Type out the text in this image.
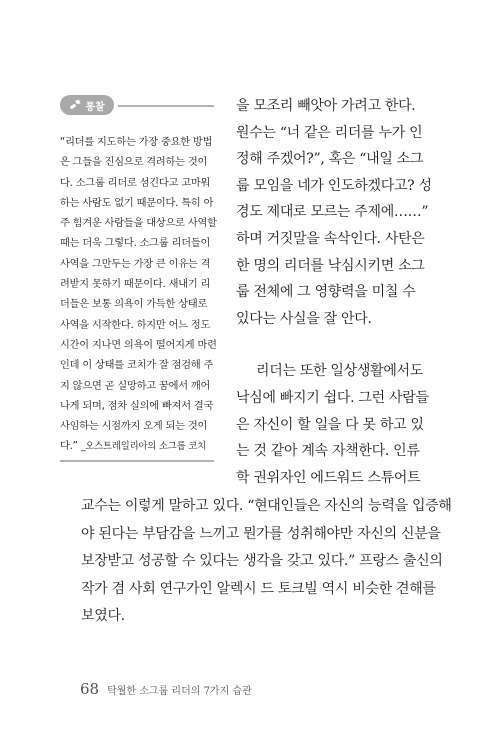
통찰
“리더를 지도하는 가장 중요한 방법
은 그들을 진심으로 격려하는 것이
다. 소그룹 리더로 섬긴다고 고마워
하는 사람도 없기 때문이다. 특히 아
주 힘겨운 사람들을 대상으로 사역할
때는 더욱 그렇다. 소그룹 리더들이
사역을 그만두는 가장 큰 이유는 격
려받지 못하기 때문이다. 새내기 리
더들은 보통 의욕이 가득한 상태로
사역을 시작한다. 하지만 어느 정도
시간이 지나면 의욕이 떨어지게 마련
인데 이 상태를 코치가 잘 점검해 주
지 않으면 곧 실망하고 꿈에서 깨어
나게 되며, 점차 실의에 빠져서 결국
사임하는 시점까지 오게 되는 것이
다.” _오스트레일리아의 소그룹 코치
을 모조리 빼앗아 가려고 한다.
원수는 “너 같은 리더를 누가 인
정해 주겠어?”, 혹은 “내일 소그
룹 모임을 네가 인도하겠다고? 성
경도 제대로 모르는 주제에……”
하며 거짓말을 속삭인다. 사탄은
한 명의 리더를 낙심시키면 소그
룹 전체에 그 영향력을 미칠 수
있다는 사실을 잘 안다.
리더는 또한 일상생활에서도
낙심에 빠지기 쉽다. 그런 사람들
은 자신이 할 일을 다 못 하고 있
는 것 같아 계속 자책한다. 인류
학 권위자인 에드워드 스튜어트
교수는 이렇게 말하고 있다. “현대인들은 자신의 능력을 입증해
야 된다는 부담감을 느끼고 뭔가를 성취해야만 자신의 신분을
보장받고 성공할 수 있다는 생각을 갖고 있다.” 프랑스 출신의
작가 겸 사회 연구가인 알렉시 드 토크빌 역시 비슷한 견해를
보였다.
68 탁월한 소그룹 리더의 7가지 습관
